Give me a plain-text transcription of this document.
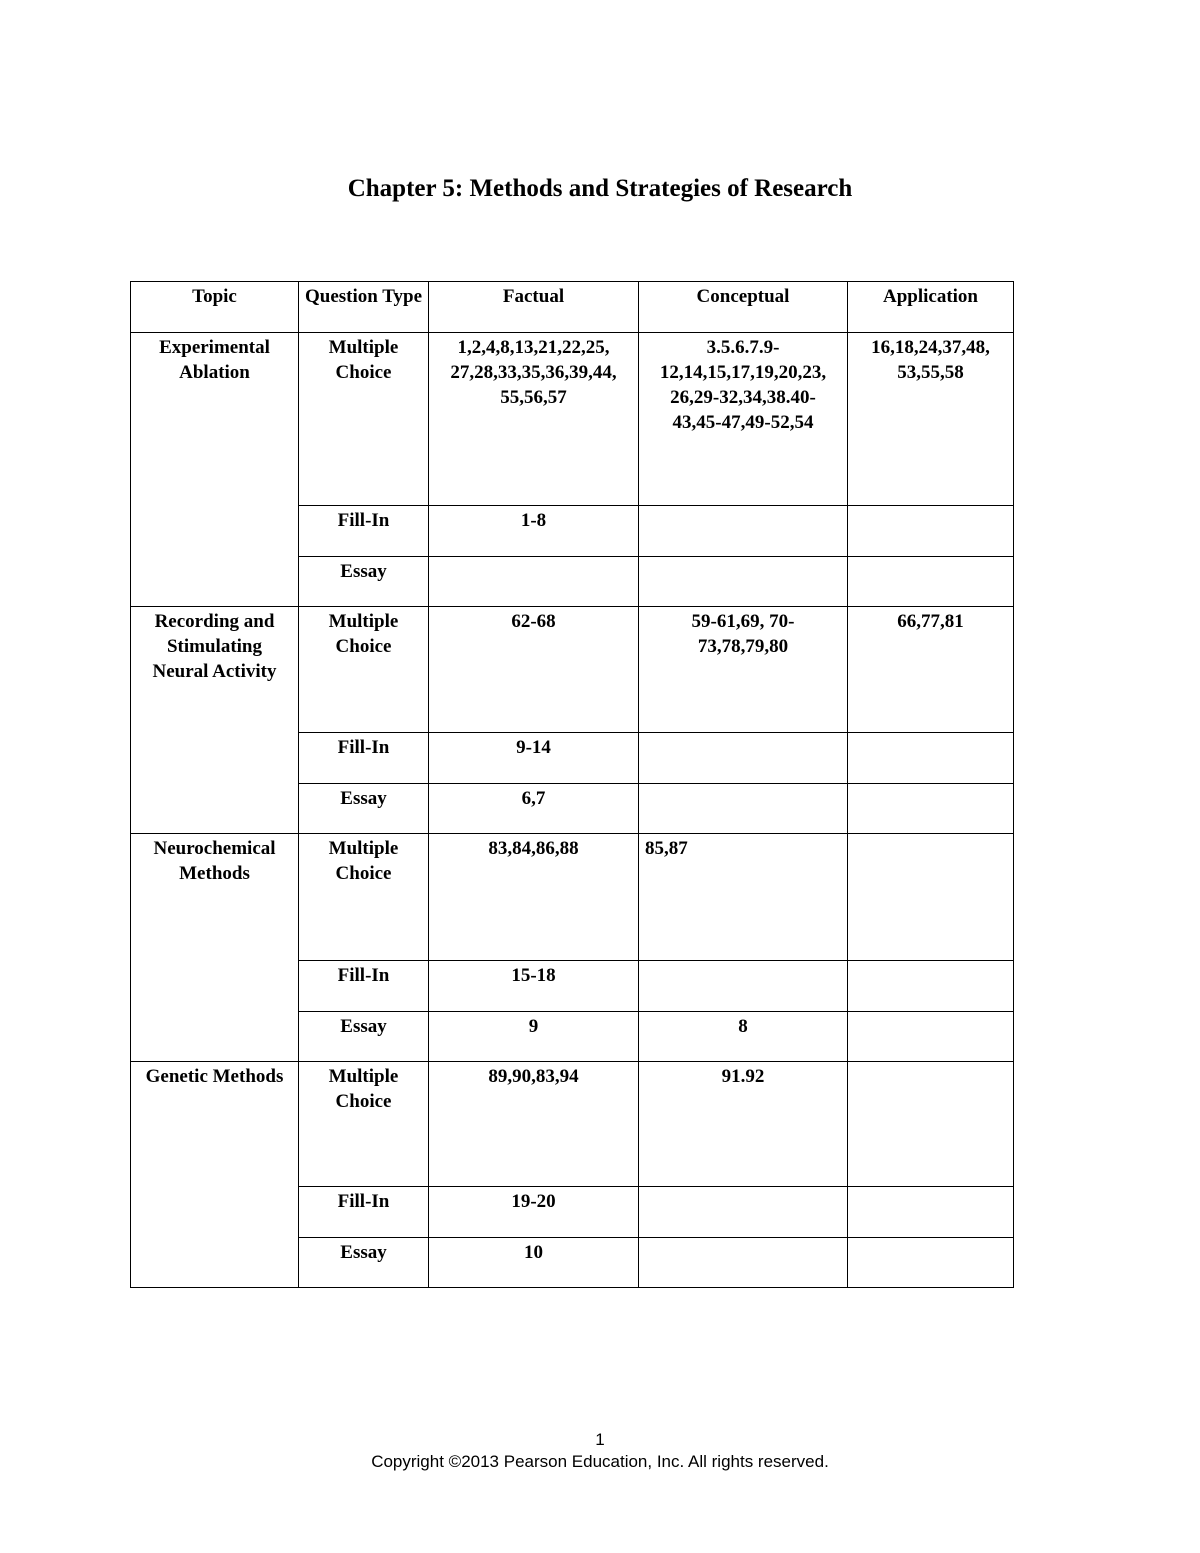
Chapter 5: Methods and Strategies of Research
Topic	Question Type	Factual	Conceptual	Application
Experimental Ablation	Multiple Choice	1,2,4,8,13,21,22,25, 27,28,33,35,36,39,44, 55,56,57	3.5.6.7.9- 12,14,15,17,19,20,23, 26,29-32,34,38.40- 43,45-47,49-52,54	16,18,24,37,48, 53,55,58
	Fill-In	1-8		
	Essay			
Recording and Stimulating Neural Activity	Multiple Choice	62-68	59-61,69, 70- 73,78,79,80	66,77,81
	Fill-In	9-14		
	Essay	6,7		
Neurochemical Methods	Multiple Choice	83,84,86,88	85,87	
	Fill-In	15-18		
	Essay	9	8	
Genetic Methods	Multiple Choice	89,90,83,94	91.92	
	Fill-In	19-20		
	Essay	10		
1
Copyright ©2013 Pearson Education, Inc. All rights reserved.
